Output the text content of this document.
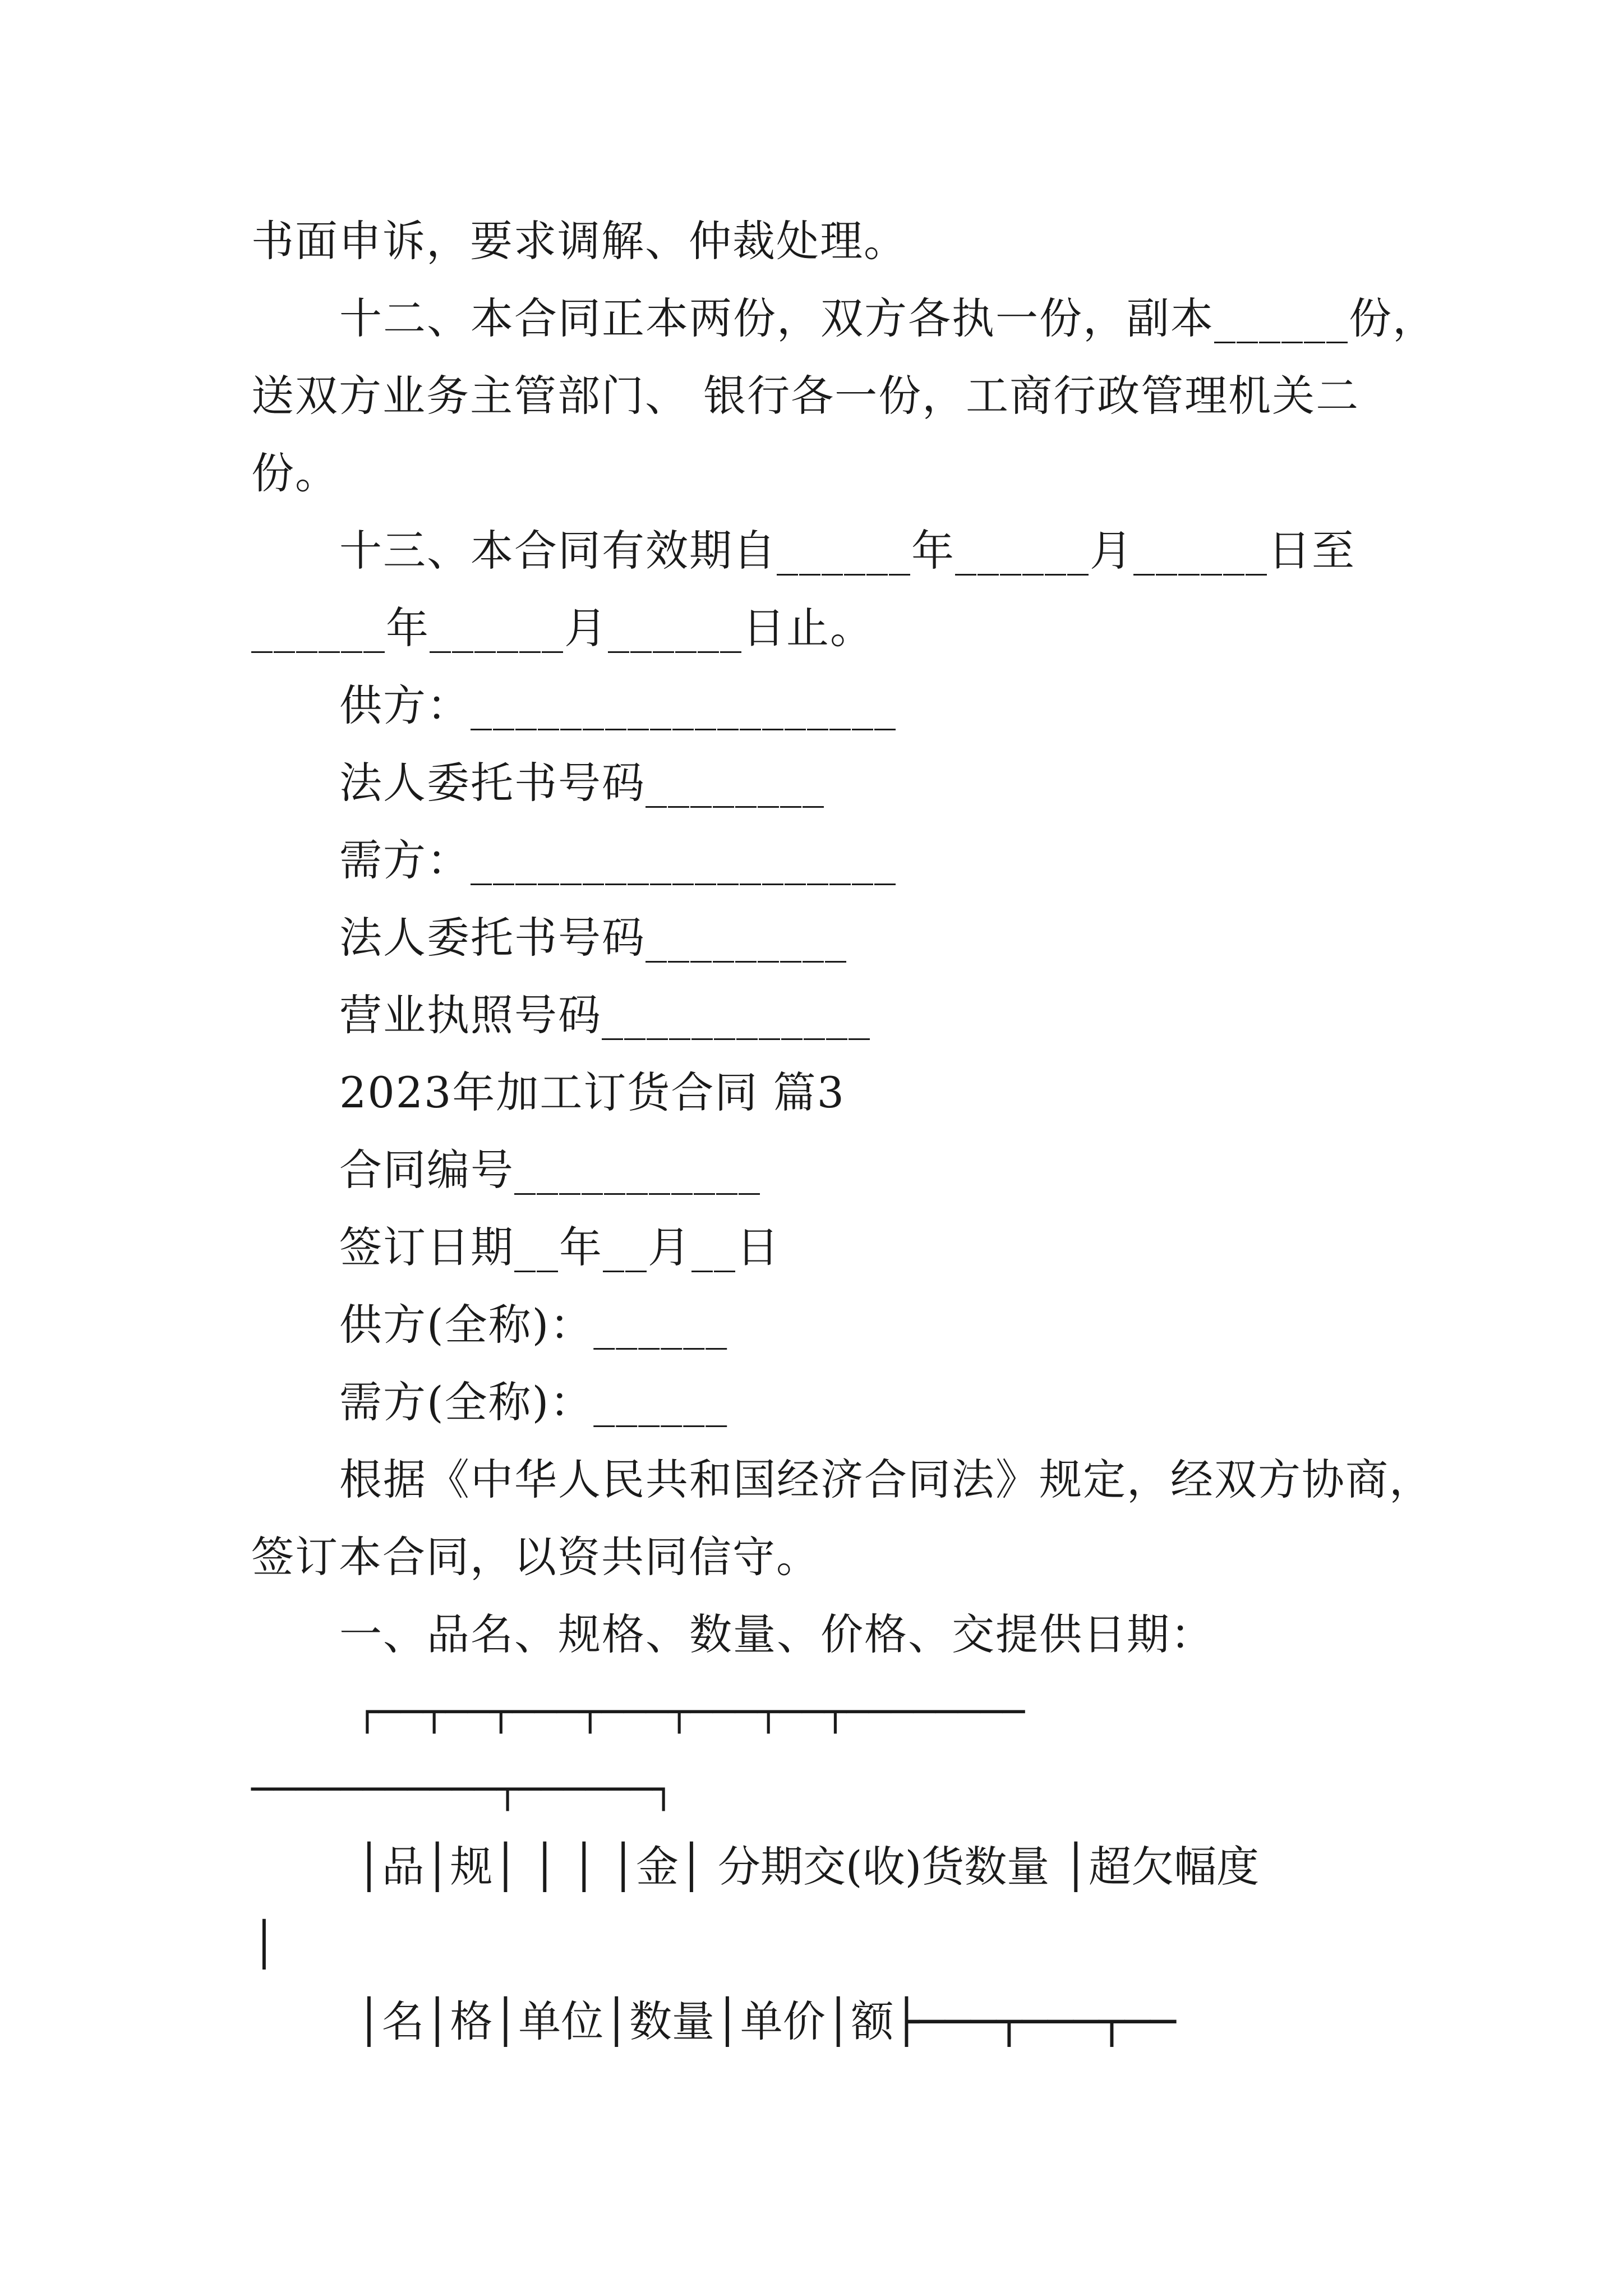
书面申诉，要求调解、仲裁处理。
十二、本合同正本两份，双方各执一份，副本______份，
送双方业务主管部门、 银行各一份，工商行政管理机关二
份。
十三、本合同有效期自______年______月______日至
______年______月______日止。
供方：___________________
法人委托书号码________
需方：___________________
法人委托书号码_________
营业执照号码____________
2023年加工订货合同 篇3
合同编号___________
签订日期__年__月__日
供方(全称)：______
需方(全称)：______
根据《中华人民共和国经济合同法》规定，经双方协商，
签订本合同，以资共同信守。
一、品名、规格、数量、价格、交提供日期：
┌──┬──┬───┬───┬───┬──┬────────
───────────┬──────┐
│品│规│ │ │ │金│ 分期交(收)货数量 │超欠幅度
│
│名│格│单位│数量│单价│额├───┬───┬──
